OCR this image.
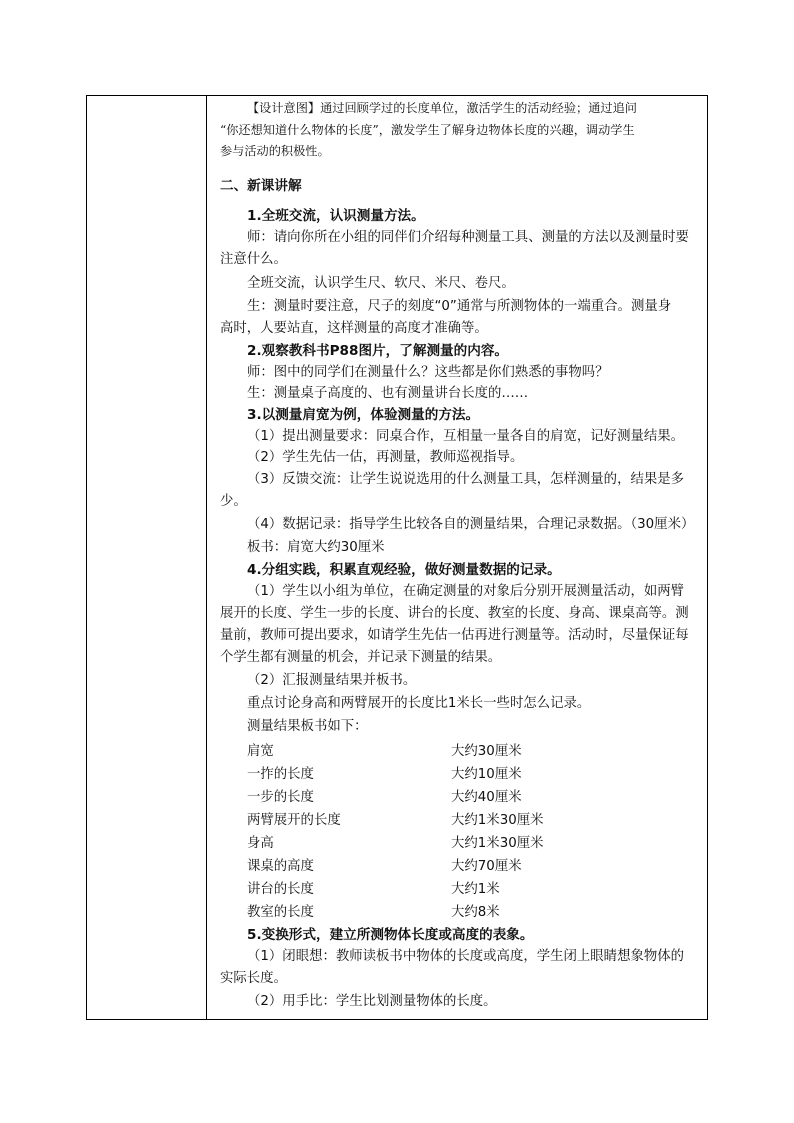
【设计意图】通过回顾学过的长度单位，激活学生的活动经验；通过追问
“你还想知道什么物体的长度”，激发学生了解身边物体长度的兴趣，调动学生
参与活动的积极性。
二、新课讲解
1.全班交流，认识测量方法。
师：请向你所在小组的同伴们介绍每种测量工具、测量的方法以及测量时要
注意什么。

全班交流，认识学生尺、软尺、米尺、卷尺。

生：测量时要注意，尺子的刻度“0”通常与所测物体的一端重合。测量身
高时，人要站直，这样测量的高度才准确等。
2.观察教科书P88图片，了解测量的内容。

师：图中的同学们在测量什么？这些都是你们熟悉的事物吗？

生：测量桌子高度的、也有测量讲台长度的……

3.以测量肩宽为例，体验测量的方法。

（1）提出测量要求：同桌合作，互相量一量各自的肩宽，记好测量结果。

（2）学生先估一估，再测量，教师巡视指导。

（3）反馈交流：让学生说说选用的什么测量工具，怎样测量的，结果是多
少。

（4）数据记录：指导学生比较各自的测量结果，合理记录数据。（30厘米）

板书：肩宽大约30厘米

4.分组实践，积累直观经验，做好测量数据的记录。
（1）学生以小组为单位，在确定测量的对象后分别开展测量活动，如两臂
展开的长度、学生一步的长度、讲台的长度、教室的长度、身高、课桌高等。测
量前，教师可提出要求，如请学生先估一估再进行测量等。活动时，尽量保证每
个学生都有测量的机会，并记录下测量的结果。

（2）汇报测量结果并板书。

重点讨论身高和两臂展开的长度比1米长一些时怎么记录。

测量结果板书如下：

肩宽	大约30厘米
一拃的长度	大约10厘米
一步的长度	大约40厘米
两臂展开的长度	大约1米30厘米
身高	大约1米30厘米
课桌的高度	大约70厘米
讲台的长度	大约1米
教室的长度	大约8米
5.变换形式，建立所测物体长度或高度的表象。
（1）闭眼想：教师读板书中物体的长度或高度，学生闭上眼睛想象物体的
实际长度。

（2）用手比：学生比划测量物体的长度。
